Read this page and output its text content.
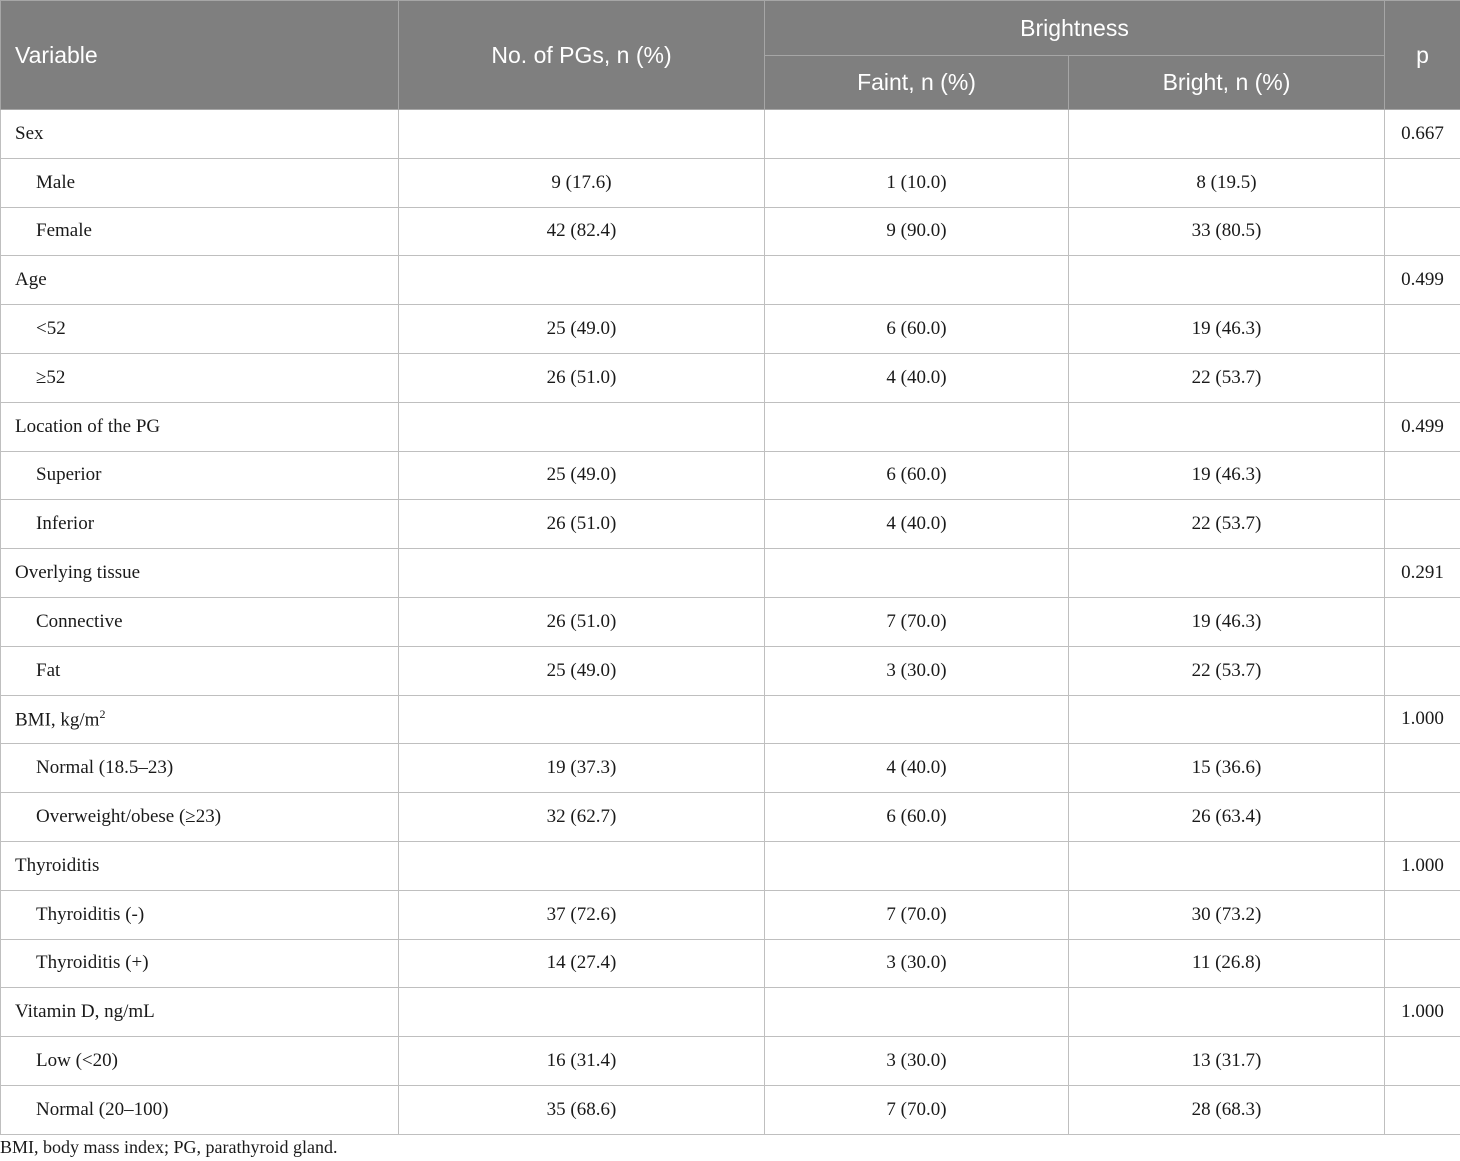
Variable	No. of PGs, n (%)	Brightness		p
		Faint, n (%)	Bright, n (%)	
Sex				0.667
Male	9 (17.6)	1 (10.0)	8 (19.5)	
Female	42 (82.4)	9 (90.0)	33 (80.5)	
Age				0.499
<52	25 (49.0)	6 (60.0)	19 (46.3)	
≥52	26 (51.0)	4 (40.0)	22 (53.7)	
Location of the PG				0.499
Superior	25 (49.0)	6 (60.0)	19 (46.3)	
Inferior	26 (51.0)	4 (40.0)	22 (53.7)	
Overlying tissue				0.291
Connective	26 (51.0)	7 (70.0)	19 (46.3)	
Fat	25 (49.0)	3 (30.0)	22 (53.7)	
BMI, $kg/m^2$				1.000
Normal (18.5–23)	19 (37.3)	4 (40.0)	15 (36.6)	
Overweight/obese (≥23)	32 (62.7)	6 (60.0)	26 (63.4)	
Thyroiditis				1.000
Thyroiditis (-)	37 (72.6)	7 (70.0)	30 (73.2)	
Thyroiditis (+)	14 (27.4)	3 (30.0)	11 (26.8)	
Vitamin D, ng/mL				1.000
Low (<20)	16 (31.4)	3 (30.0)	13 (31.7)	
Normal (20–100)	35 (68.6)	7 (70.0)	28 (68.3)	
BMI, body mass index; PG, parathyroid gland.
